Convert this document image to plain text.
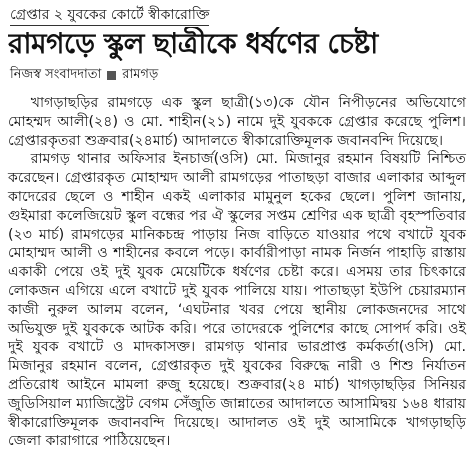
গ্রেপ্তার ২ যুবকের কোর্টে স্বীকারোক্তি
রামগড়ে স্কুল ছাত্রীকে ধর্ষণের চেষ্টা
নিজস্ব সংবাদদাতা রামগড়

খাগড়াছড়ির রামগড়ে এক স্কুল ছাত্রী(১৩)কে যৌন নিপীড়নের অভিযোগে মোহম্মদ আলী(২৪) ও মো. শাহীন(২১) নামে দুই যুবককে গ্রেপ্তার করেছে পুলিশ। গ্রেপ্তারকৃতরা শুক্রবার(২৪মার্চ) আদালতে স্বীকারোক্তিমূলক জবানবন্দি দিয়েছে।

রামগড় থানার অফিসার ইনচার্জ(ওসি) মো. মিজানুর রহমান বিষয়টি নিশ্চিত করেছেন। গ্রেপ্তারকৃত মোহাম্মদ আলী রামগড়ের পাতাছড়া বাজার এলাকার আব্দুল কাদেরের ছেলে ও শাহীন একই এলাকার মামুনুল হকের ছেলে। পুলিশ জানায়, গুইমারা কলেজিয়েট স্কুল বন্ধের পর ঐ স্কুলের সপ্তম শ্রেণির এক ছাত্রী বৃহস্পতিবার (২৩ মার্চ) রামগড়ের মানিকচন্দ্র পাড়ায় নিজ বাড়িতে যাওয়ার পথে বখাটে যুবক মোহাম্মদ আলী ও শাহীনের কবলে পড়ে। কার্বারীপাড়া নামক নির্জন পাহাড়ি রাস্তায় একাকী পেয়ে ওই দুই যুবক মেয়েটিকে ধর্ষণের চেষ্টা করে। এসময় তার চিৎকারে লোকজন এগিয়ে এলে বখাটে দুই যুবক পালিয়ে যায়। পাতাছড়া ইউপি চেয়ারম্যান কাজী নুরুল আলম বলেন, ‘এঘটনার খবর পেয়ে স্থানীয় লোকজনদের সাথে অভিযুক্ত দুই যুবককে আটক করি। পরে তাদেরকে পুলিশের কাছে সোপর্দ করি। ওই দুই যুবক বখাটে ও মাদকাসক্ত। রামগড় থানার ভারপ্রাপ্ত কর্মকর্তা(ওসি) মো. মিজানুর রহমান বলেন, গ্রেপ্তারকৃত দুই যুবকের বিরুদ্ধে নারী ও শিশু নির্যাতন প্রতিরোধ আইনে মামলা রুজু হয়েছে। শুক্রবার(২৪ মার্চ) খাগড়াছড়ির সিনিয়র জুডিসিয়াল ম্যাজিস্ট্রেট বেগম সেঁজুতি জান্নাতের আদালতে আসামিদ্বয় ১৬৪ ধারায় স্বীকারোক্তিমূলক জবানবন্দি দিয়েছে। আদালত ওই দুই আসামিকে খাগড়াছড়ি জেলা কারাগারে পাঠিয়েছেন।
